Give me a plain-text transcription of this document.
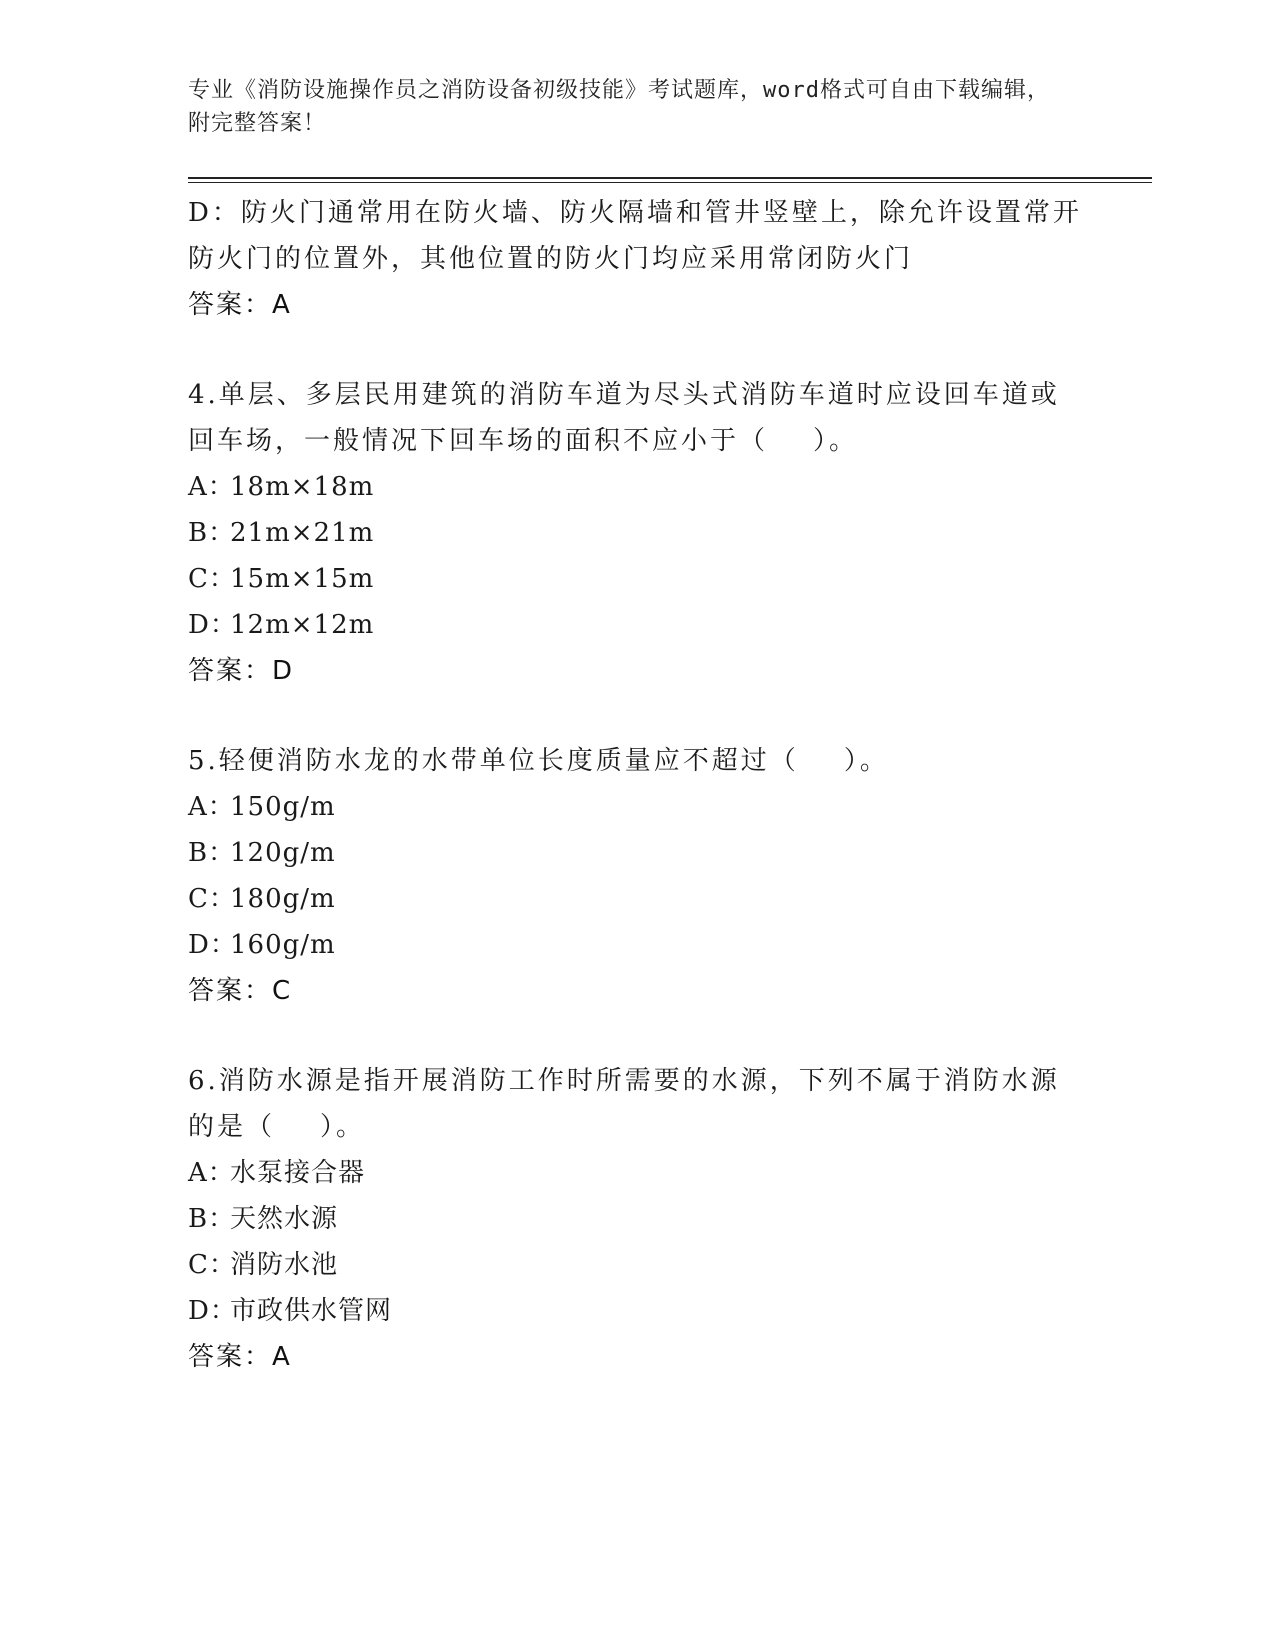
专业《消防设施操作员之消防设备初级技能》考试题库，word格式可自由下载编辑，附完整答案！
D：防火门通常用在防火墙、防火隔墙和管井竖壁上，除允许设置常开防火门的位置外，其他位置的防火门均应采用常闭防火门
答案：A
4.单层、多层民用建筑的消防车道为尽头式消防车道时应设回车道或回车场，一般情况下回车场的面积不应小于（    ）。
A：18m×18m
B：21m×21m
C：15m×15m
D：12m×12m
答案：D
5.轻便消防水龙的水带单位长度质量应不超过（    ）。
A：150g/m
B：120g/m
C：180g/m
D：160g/m
答案：C
6.消防水源是指开展消防工作时所需要的水源，下列不属于消防水源的是（    ）。
A：水泵接合器
B：天然水源
C：消防水池
D：市政供水管网
答案：A
